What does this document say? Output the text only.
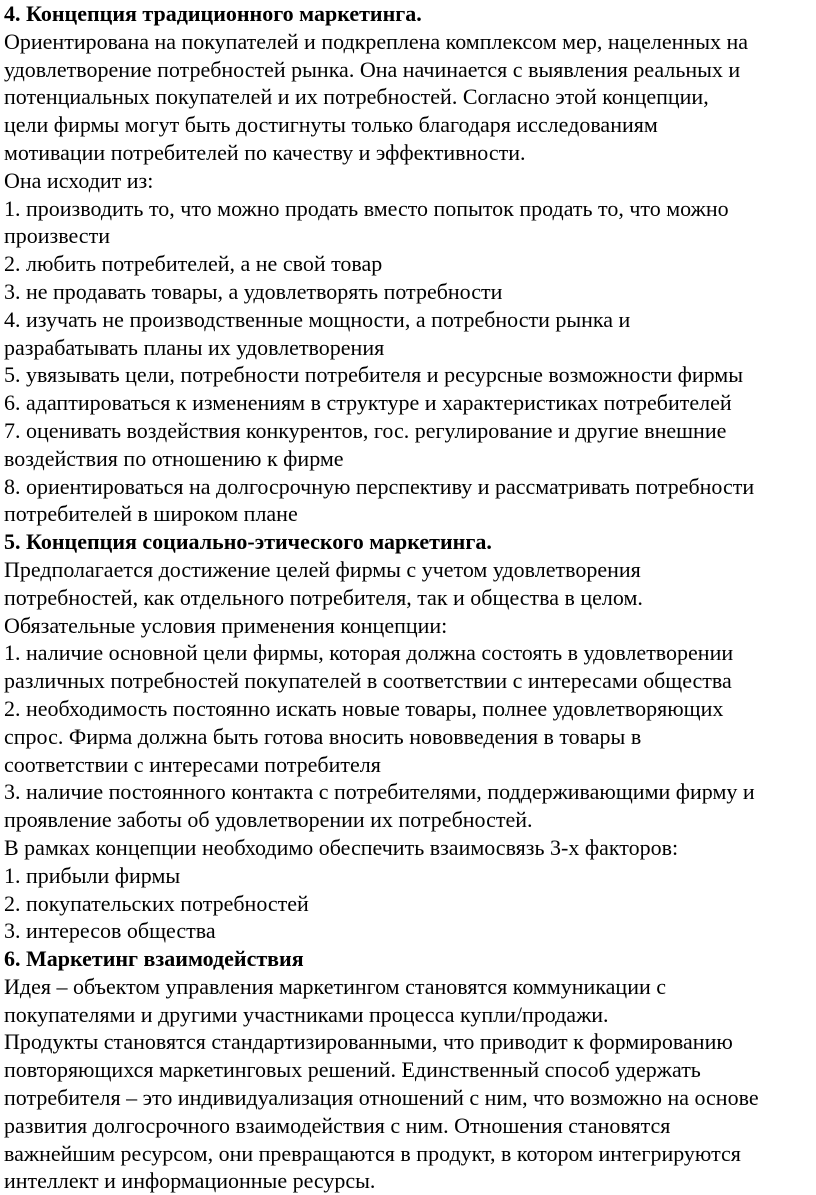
4. Концепция традиционного маркетинга.
Ориентирована на покупателей и подкреплена комплексом мер, нацеленных на
удовлетворение потребностей рынка. Она начинается с выявления реальных и
потенциальных покупателей и их потребностей. Согласно этой концепции,
цели фирмы могут быть достигнуты только благодаря исследованиям
мотивации потребителей по качеству и эффективности.
Она исходит из:
1. производить то, что можно продать вместо попыток продать то, что можно
произвести
2. любить потребителей, а не свой товар
3. не продавать товары, а удовлетворять потребности
4. изучать не производственные мощности, а потребности рынка и
разрабатывать планы их удовлетворения
5. увязывать цели, потребности потребителя и ресурсные возможности фирмы
6. адаптироваться к изменениям в структуре и характеристиках потребителей
7. оценивать воздействия конкурентов, гос. регулирование и другие внешние
воздействия по отношению к фирме
8. ориентироваться на долгосрочную перспективу и рассматривать потребности
потребителей в широком плане
5. Концепция социально-этического маркетинга.
Предполагается достижение целей фирмы с учетом удовлетворения
потребностей, как отдельного потребителя, так и общества в целом.
Обязательные условия применения концепции:
1. наличие основной цели фирмы, которая должна состоять в удовлетворении
различных потребностей покупателей в соответствии с интересами общества
2. необходимость постоянно искать новые товары, полнее удовлетворяющих
спрос. Фирма должна быть готова вносить нововведения в товары в
соответствии с интересами потребителя
3. наличие постоянного контакта с потребителями, поддерживающими фирму и
проявление заботы об удовлетворении их потребностей.
В рамках концепции необходимо обеспечить взаимосвязь 3-х факторов:
1. прибыли фирмы
2. покупательских потребностей
3. интересов общества
6. Маркетинг взаимодействия
Идея – объектом управления маркетингом становятся коммуникации с
покупателями и другими участниками процесса купли/продажи.
Продукты становятся стандартизированными, что приводит к формированию
повторяющихся маркетинговых решений. Единственный способ удержать
потребителя – это индивидуализация отношений с ним, что возможно на основе
развития долгосрочного взаимодействия с ним. Отношения становятся
важнейшим ресурсом, они превращаются в продукт, в котором интегрируются
интеллект и информационные ресурсы.
